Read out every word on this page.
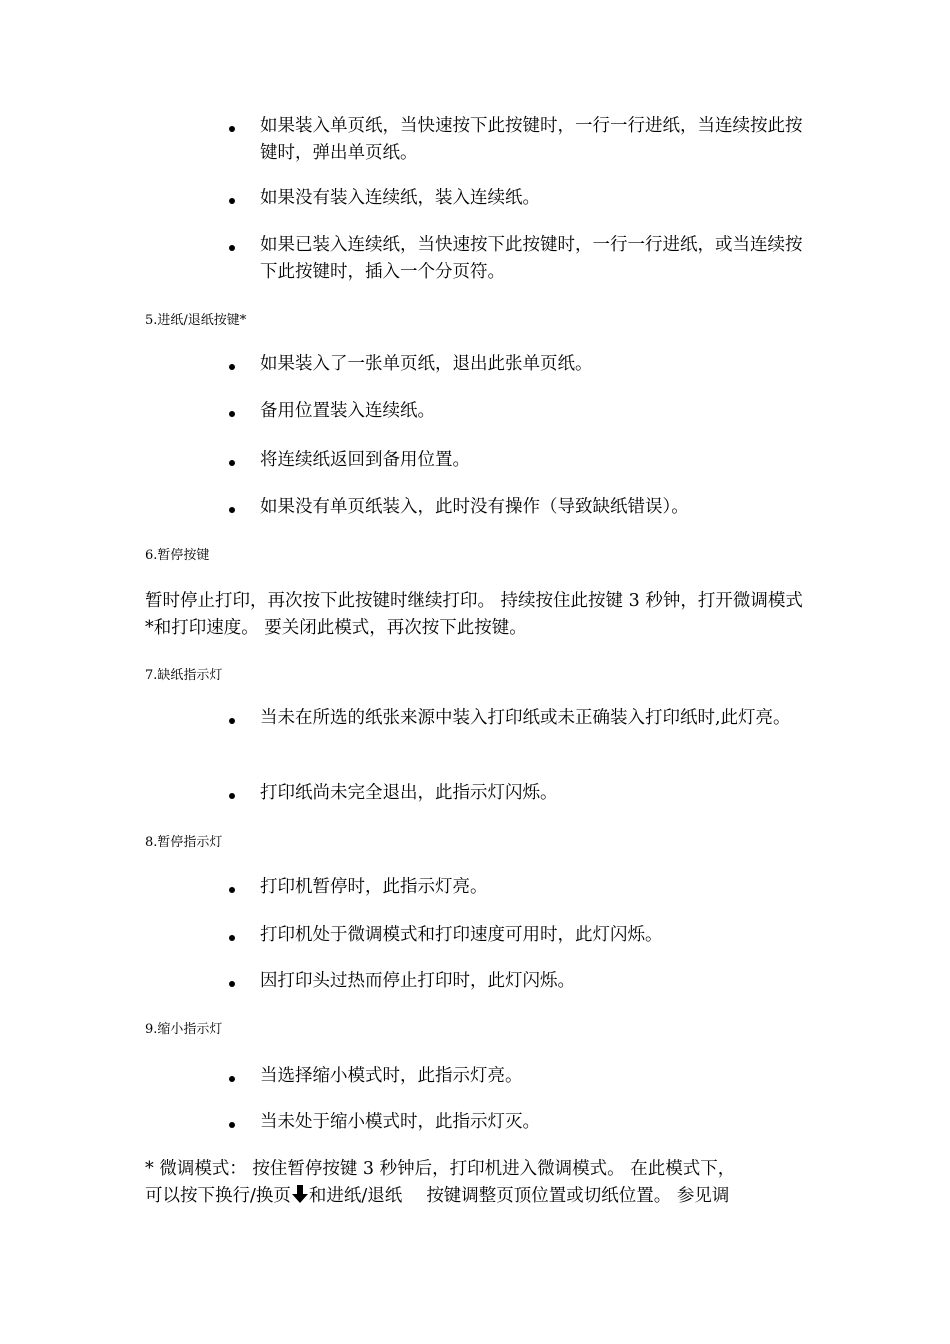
如果装入单页纸，当快速按下此按键时，一行一行进纸，当连续按此按键时，弹出单页纸。
如果没有装入连续纸，装入连续纸。
如果已装入连续纸，当快速按下此按键时，一行一行进纸，或当连续按下此按键时，插入一个分页符。
5.进纸/退纸按键*
如果装入了一张单页纸，退出此张单页纸。
备用位置装入连续纸。
将连续纸返回到备用位置。
如果没有单页纸装入，此时没有操作（导致缺纸错误）。
6.暂停按键
暂时停止打印，再次按下此按键时继续打印。 持续按住此按键 3 秒钟，打开微调模式*和打印速度。 要关闭此模式，再次按下此按键。
7.缺纸指示灯
当未在所选的纸张来源中装入打印纸或未正确装入打印纸时,此灯亮。
打印纸尚未完全退出，此指示灯闪烁。
8.暂停指示灯
打印机暂停时，此指示灯亮。
打印机处于微调模式和打印速度可用时，此灯闪烁。
因打印头过热而停止打印时，此灯闪烁。
9.缩小指示灯
当选择缩小模式时，此指示灯亮。
当未处于缩小模式时，此指示灯灭。
* 微调模式： 按住暂停按键 3 秒钟后，打印机进入微调模式。 在此模式下，
可以按下换行/换页 和进纸/退纸 按键调整页顶位置或切纸位置。 参见调
